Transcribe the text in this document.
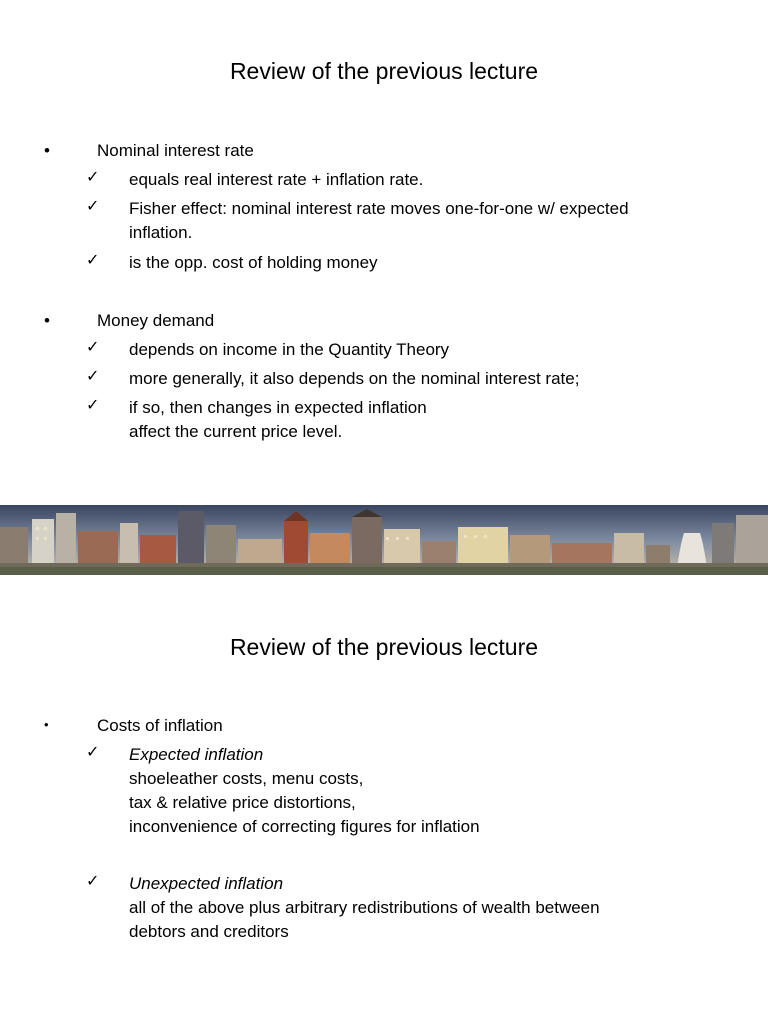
Review of the previous lecture
•	Nominal interest rate
✓ equals real interest rate + inflation rate.
✓ Fisher effect: nominal interest rate moves one-for-one w/ expected
inflation.
✓ is the opp. cost of holding money
•	Money demand
✓ depends on income in the Quantity Theory
✓ more generally, it also depends on the nominal interest rate;
✓ if so, then changes in expected inflation
affect the current price level.
Review of the previous lecture
•	Costs of inflation
✓ Expected inflation
shoeleather costs, menu costs,
tax & relative price distortions,
inconvenience of correcting figures for inflation
✓ Unexpected inflation
all of the above plus arbitrary redistributions of wealth between
debtors and creditors
